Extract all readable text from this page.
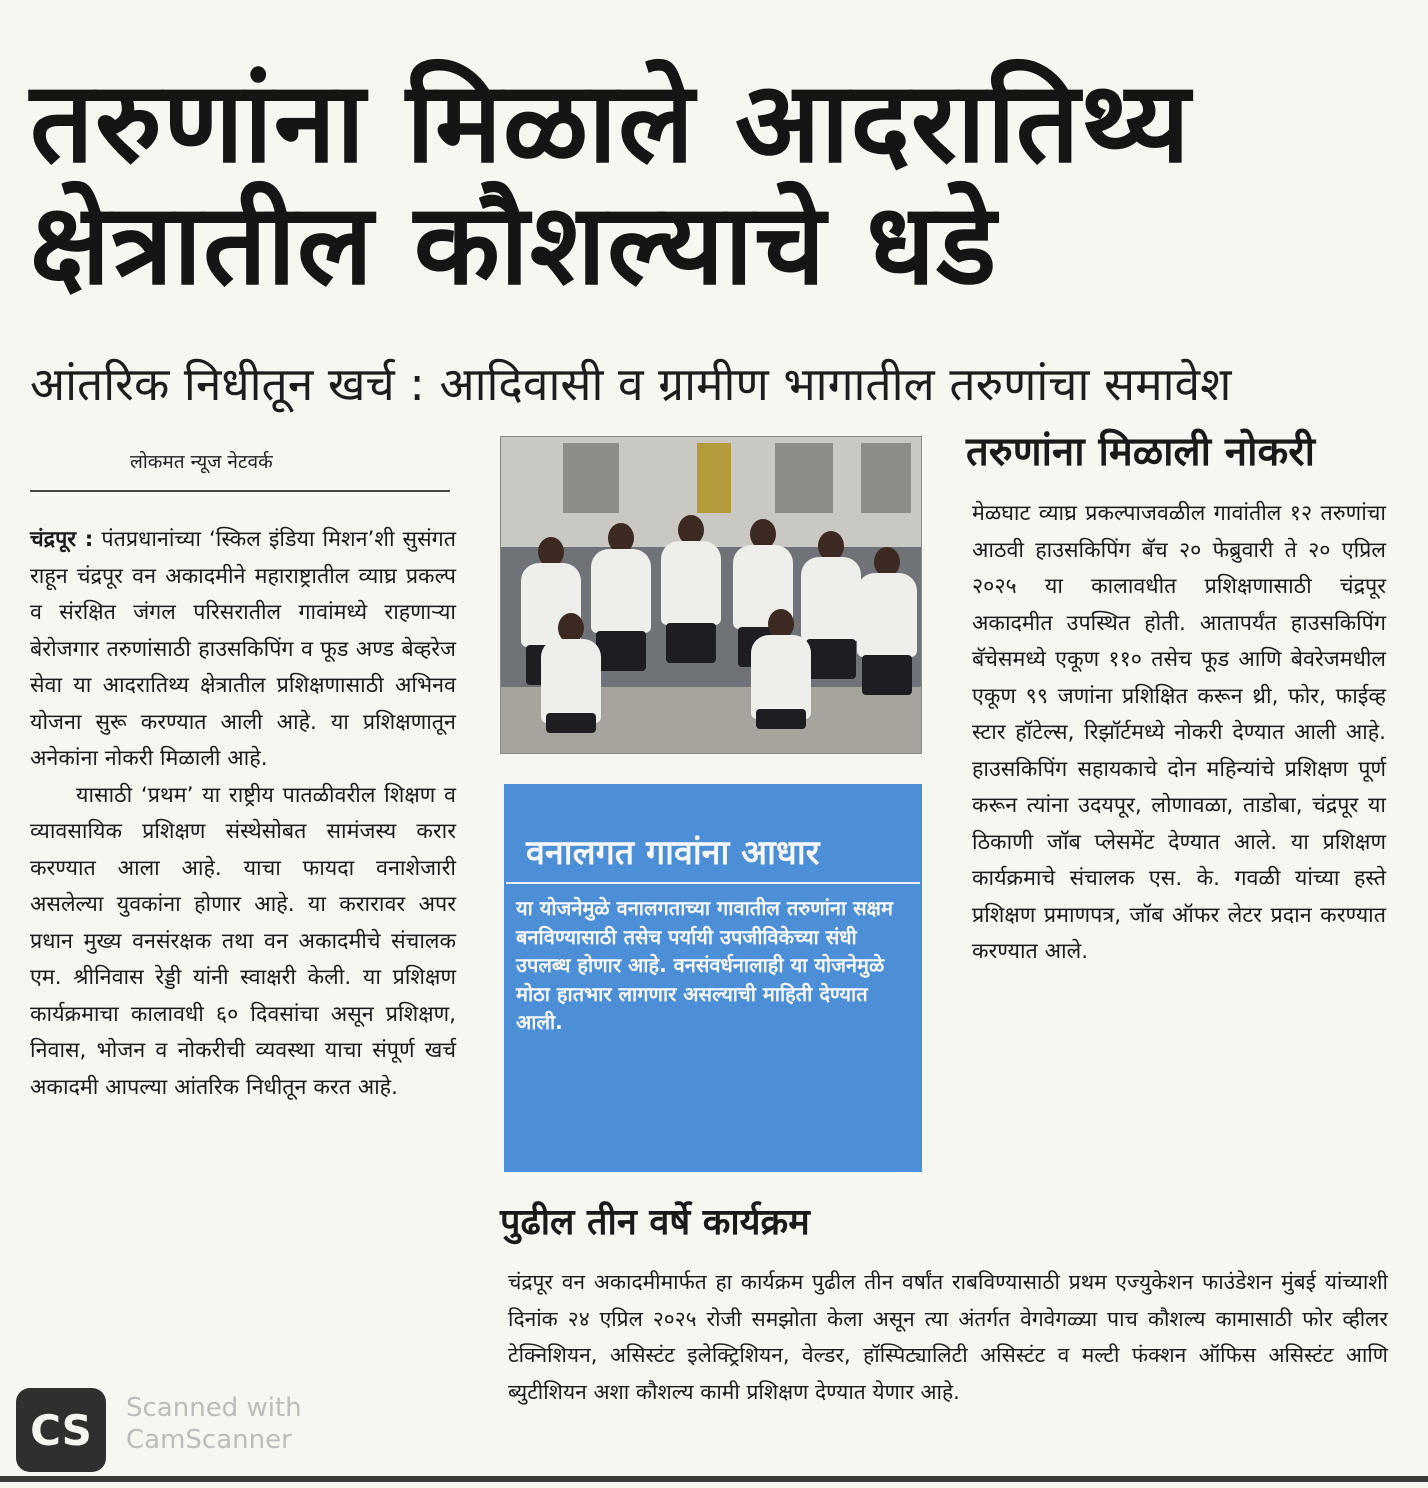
तरुणांना मिळाले आदरातिथ्य
क्षेत्रातील कौशल्याचे धडे
आंतरिक निधीतून खर्च : आदिवासी व ग्रामीण भागातील तरुणांचा समावेश
लोकमत न्यूज नेटवर्क

चंद्रपूर : पंतप्रधानांच्या ‘स्किल इंडिया मिशन’शी सुसंगत राहून चंद्रपूर वन अकादमीने महाराष्ट्रातील व्याघ्र प्रकल्प व संरक्षित जंगल परिसरातील गावांमध्ये राहणाऱ्या बेरोजगार तरुणांसाठी हाउसकिपिंग व फूड अण्ड बेव्हरेज सेवा या आदरातिथ्य क्षेत्रातील प्रशिक्षणासाठी अभिनव योजना सुरू करण्यात आली आहे. या प्रशिक्षणातून अनेकांना नोकरी मिळाली आहे.

यासाठी ‘प्रथम’ या राष्ट्रीय पातळीवरील शिक्षण व व्यावसायिक प्रशिक्षण संस्थेसोबत सामंजस्य करार करण्यात आला आहे. याचा फायदा वनाशेजारी असलेल्या युवकांना होणार आहे. या करारावर अपर प्रधान मुख्य वनसंरक्षक तथा वन अकादमीचे संचालक एम. श्रीनिवास रेड्डी यांनी स्वाक्षरी केली. या प्रशिक्षण कार्यक्रमाचा कालावधी ६० दिवसांचा असून प्रशिक्षण, निवास, भोजन व नोकरीची व्यवस्था याचा संपूर्ण खर्च अकादमी आपल्या आंतरिक निधीतून करत आहे.

तरुणांना मिळाली नोकरी

मेळघाट व्याघ्र प्रकल्पाजवळील गावांतील १२ तरुणांचा आठवी हाउसकिपिंग बॅच २० फेब्रुवारी ते २० एप्रिल २०२५ या कालावधीत प्रशिक्षणासाठी चंद्रपूर अकादमीत उपस्थित होती. आतापर्यंत हाउसकिपिंग बॅचेसमध्ये एकूण ११० तसेच फूड आणि बेवरेजमधील एकूण ९९ जणांना प्रशिक्षित करून थ्री, फोर, फाईव्ह स्टार हॉटेल्स, रिझॉर्टमध्ये नोकरी देण्यात आली आहे. हाउसकिपिंग सहायकाचे दोन महिन्यांचे प्रशिक्षण पूर्ण करून त्यांना उदयपूर, लोणावळा, ताडोबा, चंद्रपूर या ठिकाणी जॉब प्लेसमेंट देण्यात आले. या प्रशिक्षण कार्यक्रमाचे संचालक एस. के. गवळी यांच्या हस्ते प्रशिक्षण प्रमाणपत्र, जॉब ऑफर लेटर प्रदान करण्यात करण्यात आले.

वनालगत गावांना आधार

या योजनेमुळे वनालगताच्या गावातील तरुणांना सक्षम बनविण्यासाठी तसेच पर्यायी उपजीविकेच्या संधी उपलब्ध होणार आहे. वनसंवर्धनालाही या योजनेमुळे मोठा हातभार लागणार असल्याची माहिती देण्यात आली.

पुढील तीन वर्षे कार्यक्रम

चंद्रपूर वन अकादमीमार्फत हा कार्यक्रम पुढील तीन वर्षांत राबविण्यासाठी प्रथम एज्युकेशन फाउंडेशन मुंबई यांच्याशी दिनांक २४ एप्रिल २०२५ रोजी समझोता केला असून त्या अंतर्गत वेगवेगळ्या पाच कौशल्य कामासाठी फोर व्हीलर टेक्निशियन, असिस्टंट इलेक्ट्रिशियन, वेल्डर, हॉस्पिट्यालिटी असिस्टंट व मल्टी फंक्शन ऑफिस असिस्टंट आणि ब्युटीशियन अशा कौशल्य कामी प्रशिक्षण देण्यात येणार आहे.

CS	Scanned with
CamScanner
